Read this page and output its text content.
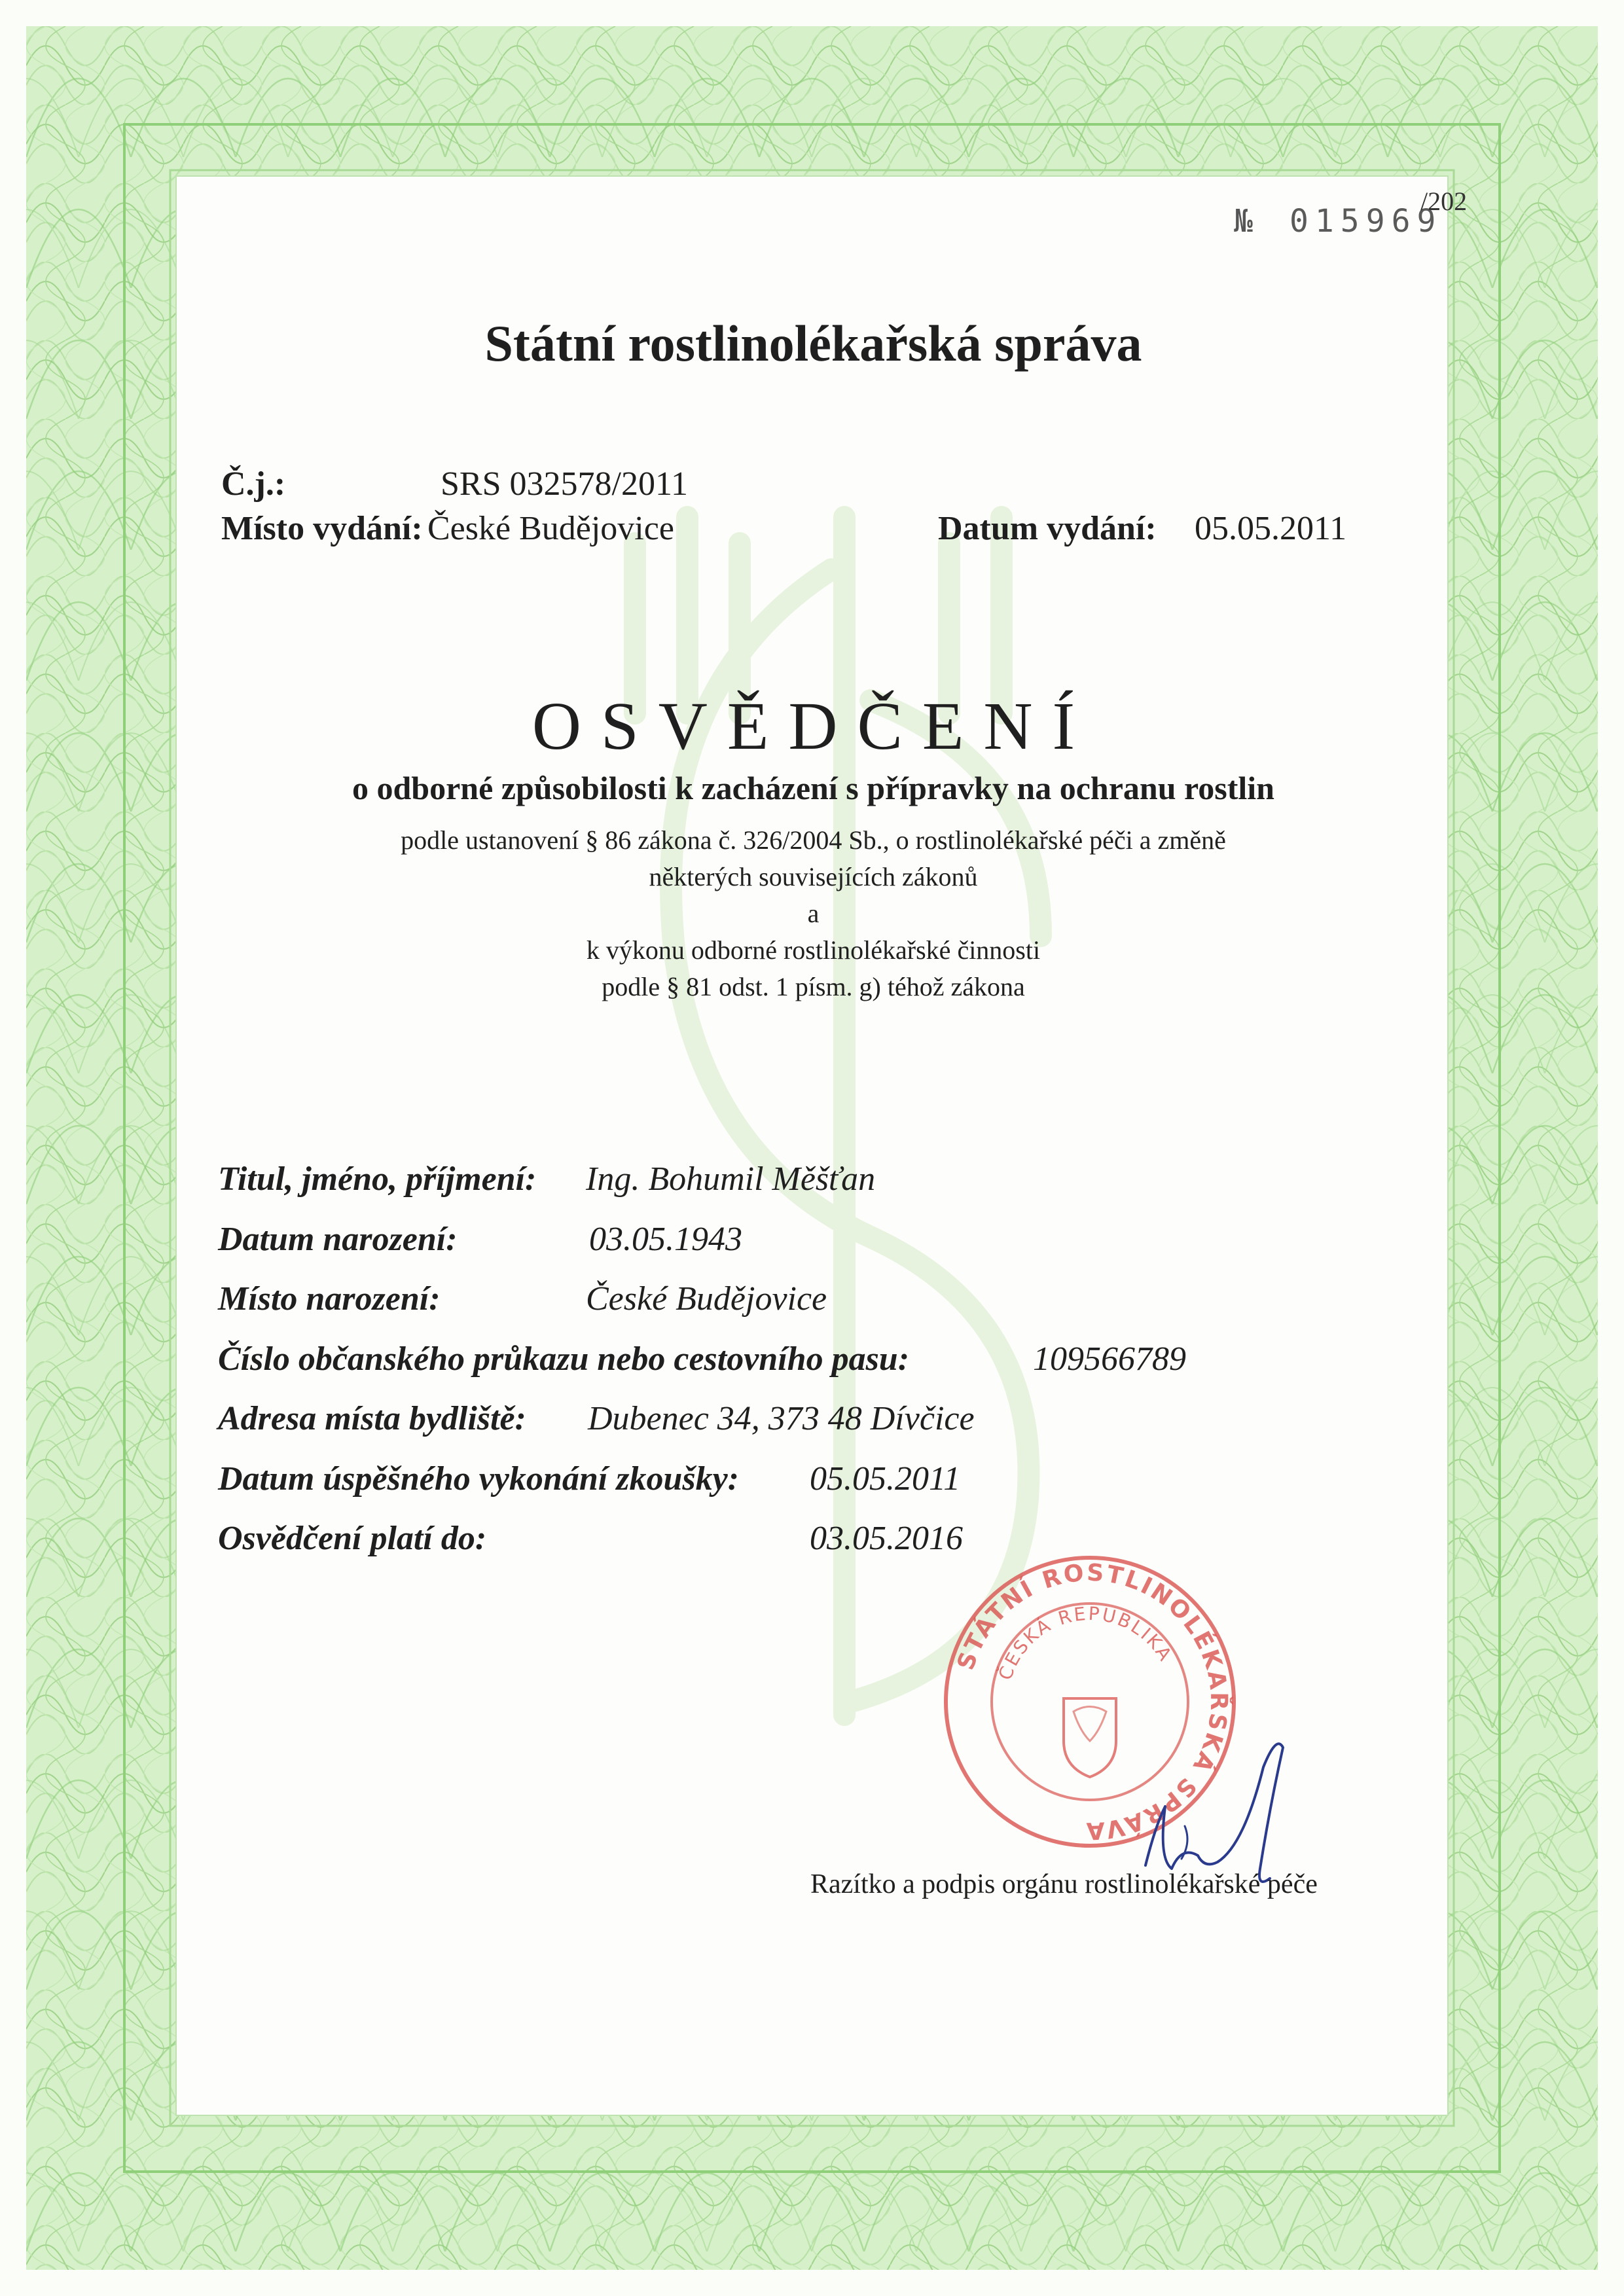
№ 015969
/202
Státní rostlinolékařská správa
Č.j.:	SRS 032578/2011
Místo vydání: České Budějovice	Datum vydání: 05.05.2011
OSVĚDČENÍ
o odborné způsobilosti k zacházení s přípravky na ochranu rostlin
podle ustanovení § 86 zákona č. 326/2004 Sb., o rostlinolékařské péči a změně
některých souvisejících zákonů
a
k výkonu odborné rostlinolékařské činnosti
podle § 81 odst. 1 písm. g) téhož zákona
Titul, jméno, příjmení: Ing. Bohumil Měšťan
Datum narození:	03.05.1943
Místo narození:	České Budějovice
Číslo občanského průkazu nebo cestovního pasu:	109566789
Adresa místa bydliště: Dubenec 34, 373 48 Dívčice
Datum úspěšného vykonání zkoušky: 05.05.2011
Osvědčení platí do:	03.05.2016
STÁTNÍ ROSTLINOLÉKAŘSKÁ SPRÁVA
ČESKÁ REPUBLIKA
Razítko a podpis orgánu rostlinolékařské péče
